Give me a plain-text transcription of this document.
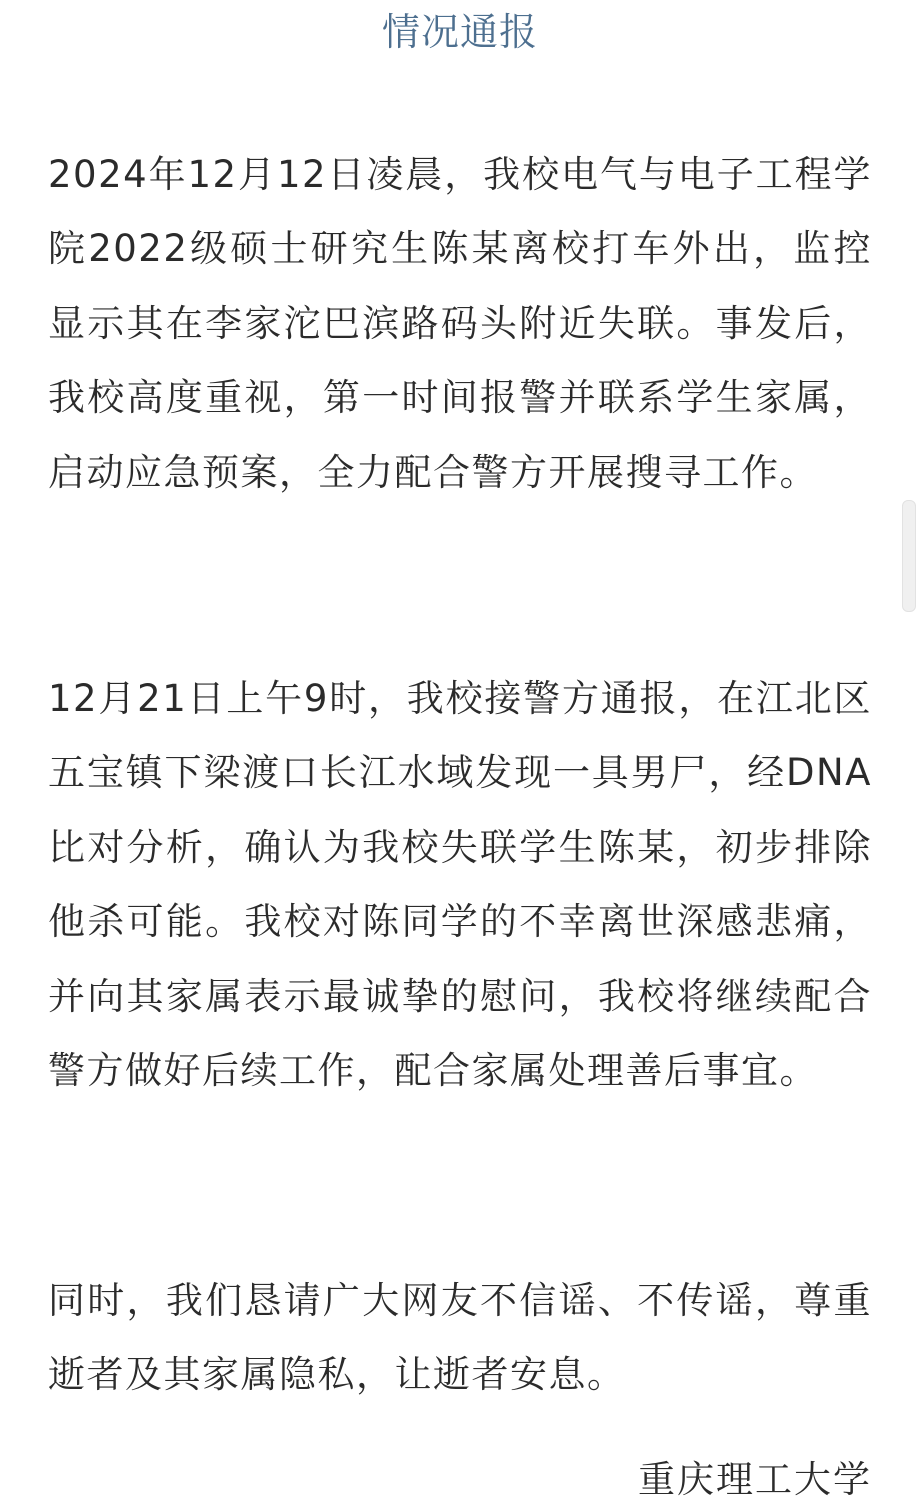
情况通报

2024年12月12日凌晨，我校电气与电子工程学院2022级硕士研究生陈某离校打车外出，监控显示其在李家沱巴滨路码头附近失联。事发后，我校高度重视，第一时间报警并联系学生家属，启动应急预案，全力配合警方开展搜寻工作。

12月21日上午9时，我校接警方通报，在江北区五宝镇下梁渡口长江水域发现一具男尸，经DNA比对分析，确认为我校失联学生陈某，初步排除他杀可能。我校对陈同学的不幸离世深感悲痛，并向其家属表示最诚挚的慰问，我校将继续配合警方做好后续工作，配合家属处理善后事宜。

同时，我们恳请广大网友不信谣、不传谣，尊重逝者及其家属隐私，让逝者安息。

重庆理工大学
